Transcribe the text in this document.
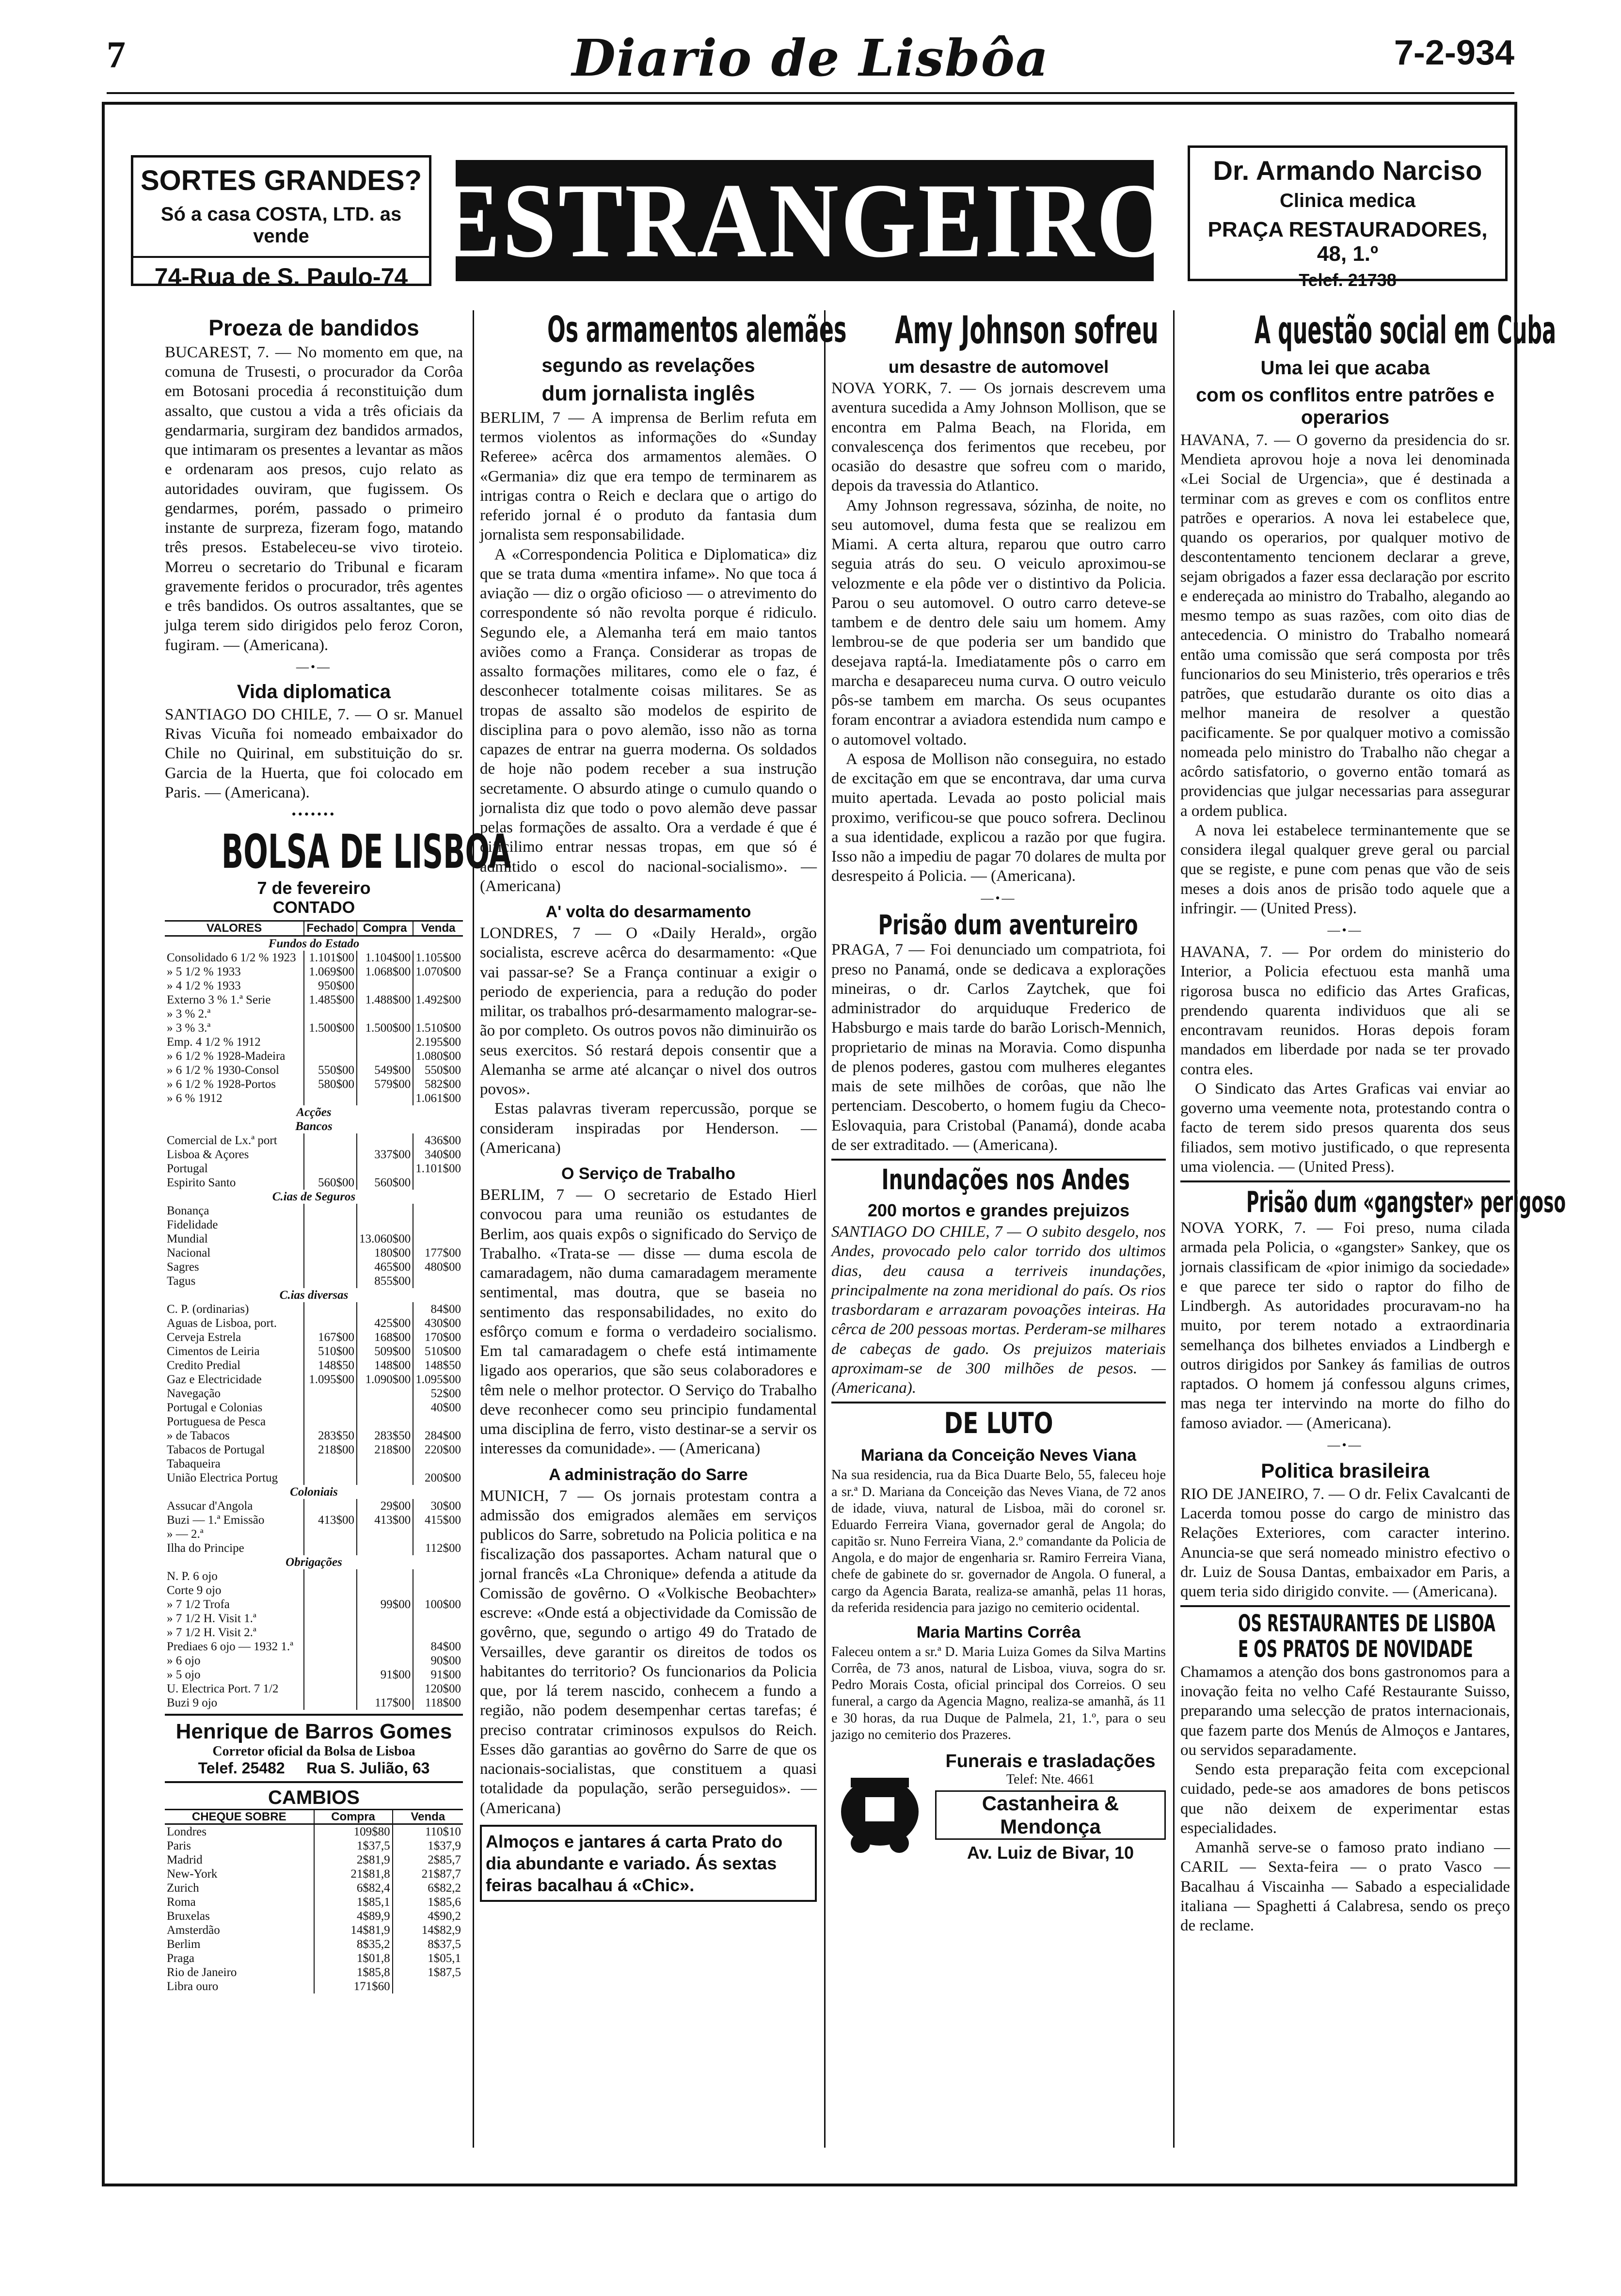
7	Diario de Lisbôa	7-2-934
SORTES GRANDES?
Só a casa COSTA, LTD. as vende
74-Rua de S. Paulo-74 ESTRANGEIRO	Dr. Armando Narciso
Clinica medica
PRAÇA RESTAURADORES, 48, 1.º
Telef. 21738
Proeza de bandidos

BUCAREST, 7. — No momento em que, na comuna de Trusesti, o procurador da Corôa em Botosani procedia á reconstituição dum assalto, que custou a vida a três oficiais da gendarmaria, surgiram dez bandidos armados, que intimaram os presentes a levantar as mãos e ordenaram aos presos, cujo relato as autoridades ouviram, que fugissem. Os gendarmes, porém, passado o primeiro instante de surpreza, fizeram fogo, matando três presos. Estabeleceu-se vivo tiroteio. Morreu o secretario do Tribunal e ficaram gravemente feridos o procurador, três agentes e três bandidos. Os outros assaltantes, que se julga terem sido dirigidos pelo feroz Coron, fugiram. — (Americana).

—•—
Vida diplomatica

SANTIAGO DO CHILE, 7. — O sr. Manuel Rivas Vicuña foi nomeado embaixador do Chile no Quirinal, em substituição do sr. Garcia de la Huerta, que foi colocado em Paris. — (Americana).

•••••••
BOLSA DE LISBOA
7 de fevereiro
CONTADO
VALORES	Fechado	Compra	Venda
Fundos do Estado			
Consolidado 6 1/2 % 1923	1.101$00	1.104$00	1.105$00
» 5 1/2 % 1933	1.069$00	1.068$00	1.070$00
» 4 1/2 % 1933	950$00		
Externo 3 % 1.ª Serie	1.485$00	1.488$00	1.492$00
» 3 % 2.ª			
» 3 % 3.ª	1.500$00	1.500$00	1.510$00
Emp. 4 1/2 % 1912			2.195$00
» 6 1/2 % 1928-Madeira			1.080$00
» 6 1/2 % 1930-Consol	550$00	549$00	550$00
» 6 1/2 % 1928-Portos	580$00	579$00	582$00
» 6 % 1912			1.061$00
Acções			
Bancos			
Comercial de Lx.ª port			436$00
Lisboa & Açores		337$00	340$00
Portugal			1.101$00
Espirito Santo	560$00	560$00	
C.ias de Seguros			
Bonança			
Fidelidade			
Mundial		13.060$00	
Nacional		180$00	177$00
Sagres		465$00	480$00
Tagus		855$00	
C.ias diversas			
C. P. (ordinarias)			84$00
Aguas de Lisboa, port.		425$00	430$00
Cerveja Estrela	167$00	168$00	170$00
Cimentos de Leiria	510$00	509$00	510$00
Credito Predial	148$50	148$00	148$50
Gaz e Electricidade	1.095$00	1.090$00	1.095$00
Navegação			52$00
Portugal e Colonias			40$00
Portuguesa de Pesca			
» de Tabacos	283$50	283$50	284$00
Tabacos de Portugal	218$00	218$00	220$00
Tabaqueira			
União Electrica Portug			200$00
Coloniais			
Assucar d'Angola		29$00	30$00
Buzi — 1.ª Emissão	413$00	413$00	415$00
» — 2.ª			
Ilha do Principe			112$00
Obrigações			
N. P. 6 ojo			
Corte 9 ojo			
» 7 1/2 Trofa		99$00	100$00
» 7 1/2 H. Visit 1.ª			
» 7 1/2 H. Visit 2.ª			
Prediaes 6 ojo — 1932 1.ª			84$00
» 6 ojo			90$00
» 5 ojo		91$00	91$00
U. Electrica Port. 7 1/2			120$00
Buzi 9 ojo		117$00	118$00
Henrique de Barros Gomes
Corretor oficial da Bolsa de Lisboa
Telef. 25482     Rua S. Julião, 63
CAMBIOS
CHEQUE SOBRE	Compra	Venda
Londres	109$80	110$10
Paris	1$37,5	1$37,9
Madrid	2$81,9	2$85,7
New-York	21$81,8	21$87,7
Zurich	6$82,4	6$82,2
Roma	1$85,1	1$85,6
Bruxelas	4$89,9	4$90,2
Amsterdão	14$81,9	14$82,9
Berlim	8$35,2	8$37,5
Praga	1$01,8	1$05,1
Rio de Janeiro	1$85,8	1$87,5
Libra ouro	171$60	
Os armamentos alemães
segundo as revelações
dum jornalista inglês

BERLIM, 7 — A imprensa de Berlim refuta em termos violentos as informações do «Sunday Referee» acêrca dos armamentos alemães. O «Germania» diz que era tempo de terminarem as intrigas contra o Reich e declara que o artigo do referido jornal é o produto da fantasia dum jornalista sem responsabilidade.

A «Correspondencia Politica e Diplomatica» diz que se trata duma «mentira infame». No que toca á aviação — diz o orgão oficioso — o atrevimento do correspondente só não revolta porque é ridiculo. Segundo ele, a Alemanha terá em maio tantos aviões como a França. Considerar as tropas de assalto formações militares, como ele o faz, é desconhecer totalmente coisas militares. Se as tropas de assalto são modelos de espirito de disciplina para o povo alemão, isso não as torna capazes de entrar na guerra moderna. Os soldados de hoje não podem receber a sua instrução secretamente. O absurdo atinge o cumulo quando o jornalista diz que todo o povo alemão deve passar pelas formações de assalto. Ora a verdade é que é dificilimo entrar nessas tropas, em que só é admitido o escol do nacional-socialismo». — (Americana)

A' volta do desarmamento

LONDRES, 7 — O «Daily Herald», orgão socialista, escreve acêrca do desarmamento: «Que vai passar-se? Se a França continuar a exigir o periodo de experiencia, para a redução do poder militar, os trabalhos pró-desarmamento malograr-se-ão por completo. Os outros povos não diminuirão os seus exercitos. Só restará depois consentir que a Alemanha se arme até alcançar o nivel dos outros povos».

Estas palavras tiveram repercussão, porque se consideram inspiradas por Henderson. — (Americana)

O Serviço de Trabalho

BERLIM, 7 — O secretario de Estado Hierl convocou para uma reunião os estudantes de Berlim, aos quais expôs o significado do Serviço de Trabalho. «Trata-se — disse — duma escola de camaradagem, não duma camaradagem meramente sentimental, mas doutra, que se baseia no sentimento das responsabilidades, no exito do esfôrço comum e forma o verdadeiro socialismo. Em tal camaradagem o chefe está intimamente ligado aos operarios, que são seus colaboradores e têm nele o melhor protector. O Serviço do Trabalho deve reconhecer como seu principio fundamental uma disciplina de ferro, visto destinar-se a servir os interesses da comunidade». — (Americana)

A administração do Sarre

MUNICH, 7 — Os jornais protestam contra a admissão dos emigrados alemães em serviços publicos do Sarre, sobretudo na Policia politica e na fiscalização dos passaportes. Acham natural que o jornal francês «La Chronique» defenda a atitude da Comissão de govêrno. O «Volkische Beobachter» escreve: «Onde está a objectividade da Comissão de govêrno, que, segundo o artigo 49 do Tratado de Versailles, deve garantir os direitos de todos os habitantes do territorio? Os funcionarios da Policia que, por lá terem nascido, conhecem a fundo a região, não podem desempenhar certas tarefas; é preciso contratar criminosos expulsos do Reich. Esses dão garantias ao govêrno do Sarre de que os nacionais-socialistas, que constituem a quasi totalidade da população, serão perseguidos». — (Americana)

Almoços e jantares á carta Prato do dia abundante e variado. Ás sextas feiras bacalhau á «Chic».
Amy Johnson sofreu
um desastre de automovel

NOVA YORK, 7. — Os jornais descrevem uma aventura sucedida a Amy Johnson Mollison, que se encontra em Palma Beach, na Florida, em convalescença dos ferimentos que recebeu, por ocasião do desastre que sofreu com o marido, depois da travessia do Atlantico.

Amy Johnson regressava, sózinha, de noite, no seu automovel, duma festa que se realizou em Miami. A certa altura, reparou que outro carro seguia atrás do seu. O veiculo aproximou-se velozmente e ela pôde ver o distintivo da Policia. Parou o seu automovel. O outro carro deteve-se tambem e de dentro dele saiu um homem. Amy lembrou-se de que poderia ser um bandido que desejava raptá-la. Imediatamente pôs o carro em marcha e desapareceu numa curva. O outro veiculo pôs-se tambem em marcha. Os seus ocupantes foram encontrar a aviadora estendida num campo e o automovel voltado.

A esposa de Mollison não conseguira, no estado de excitação em que se encontrava, dar uma curva muito apertada. Levada ao posto policial mais proximo, verificou-se que pouco sofrera. Declinou a sua identidade, explicou a razão por que fugira. Isso não a impediu de pagar 70 dolares de multa por desrespeito á Policia. — (Americana).

—•—
Prisão dum aventureiro

PRAGA, 7 — Foi denunciado um compatriota, foi preso no Panamá, onde se dedicava a explorações mineiras, o dr. Carlos Zaytchek, que foi administrador do arquiduque Frederico de Habsburgo e mais tarde do barão Lorisch-Mennich, proprietario de minas na Moravia. Como dispunha de plenos poderes, gastou com mulheres elegantes mais de sete milhões de corôas, que não lhe pertenciam. Descoberto, o homem fugiu da Checo-Eslovaquia, para Cristobal (Panamá), donde acaba de ser extraditado. — (Americana).

Inundações nos Andes
200 mortos e grandes prejuizos

SANTIAGO DO CHILE, 7 — O subito desgelo, nos Andes, provocado pelo calor torrido dos ultimos dias, deu causa a terriveis inundações, principalmente na zona meridional do país. Os rios trasbordaram e arrazaram povoações inteiras. Ha cêrca de 200 pessoas mortas. Perderam-se milhares de cabeças de gado. Os prejuizos materiais aproximam-se de 300 milhões de pesos. — (Americana).

DE LUTO
Mariana da Conceição Neves Viana

Na sua residencia, rua da Bica Duarte Belo, 55, faleceu hoje a sr.ª D. Mariana da Conceição das Neves Viana, de 72 anos de idade, viuva, natural de Lisboa, mãi do coronel sr. Eduardo Ferreira Viana, governador geral de Angola; do capitão sr. Nuno Ferreira Viana, 2.º comandante da Policia de Angola, e do major de engenharia sr. Ramiro Ferreira Viana, chefe de gabinete do sr. governador de Angola. O funeral, a cargo da Agencia Barata, realiza-se amanhã, pelas 11 horas, da referida residencia para jazigo no cemiterio ocidental.

Maria Martins Corrêa

Faleceu ontem a sr.ª D. Maria Luiza Gomes da Silva Martins Corrêa, de 73 anos, natural de Lisboa, viuva, sogra do sr. Pedro Morais Costa, oficial principal dos Correios. O seu funeral, a cargo da Agencia Magno, realiza-se amanhã, ás 11 e 30 horas, da rua Duque de Palmela, 21, 1.º, para o seu jazigo no cemiterio dos Prazeres.

Funerais e trasladações
Telef: Nte. 4661
Castanheira & Mendonça
Av. Luiz de Bivar, 10
A questão social em Cuba
Uma lei que acaba
com os conflitos entre patrões e operarios

HAVANA, 7. — O governo da presidencia do sr. Mendieta aprovou hoje a nova lei denominada «Lei Social de Urgencia», que é destinada a terminar com as greves e com os conflitos entre patrões e operarios. A nova lei estabelece que, quando os operarios, por qualquer motivo de descontentamento tencionem declarar a greve, sejam obrigados a fazer essa declaração por escrito e endereçada ao ministro do Trabalho, alegando ao mesmo tempo as suas razões, com oito dias de antecedencia. O ministro do Trabalho nomeará então uma comissão que será composta por três funcionarios do seu Ministerio, três operarios e três patrões, que estudarão durante os oito dias a melhor maneira de resolver a questão pacificamente. Se por qualquer motivo a comissão nomeada pelo ministro do Trabalho não chegar a acôrdo satisfatorio, o governo então tomará as providencias que julgar necessarias para assegurar a ordem publica.

A nova lei estabelece terminantemente que se considera ilegal qualquer greve geral ou parcial que se registe, e pune com penas que vão de seis meses a dois anos de prisão todo aquele que a infringir. — (United Press).

—•—

HAVANA, 7. — Por ordem do ministerio do Interior, a Policia efectuou esta manhã uma rigorosa busca no edificio das Artes Graficas, prendendo quarenta individuos que ali se encontravam reunidos. Horas depois foram mandados em liberdade por nada se ter provado contra eles.

O Sindicato das Artes Graficas vai enviar ao governo uma veemente nota, protestando contra o facto de terem sido presos quarenta dos seus filiados, sem motivo justificado, o que representa uma violencia. — (United Press).

Prisão dum «gangster» perigoso

NOVA YORK, 7. — Foi preso, numa cilada armada pela Policia, o «gangster» Sankey, que os jornais classificam de «pior inimigo da sociedade» e que parece ter sido o raptor do filho de Lindbergh. As autoridades procuravam-no ha muito, por terem notado a extraordinaria semelhança dos bilhetes enviados a Lindbergh e outros dirigidos por Sankey ás familias de outros raptados. O homem já confessou alguns crimes, mas nega ter intervindo na morte do filho do famoso aviador. — (Americana).

—•—
Politica brasileira

RIO DE JANEIRO, 7. — O dr. Felix Cavalcanti de Lacerda tomou posse do cargo de ministro das Relações Exteriores, com caracter interino. Anuncia-se que será nomeado ministro efectivo o dr. Luiz de Sousa Dantas, embaixador em Paris, a quem teria sido dirigido convite. — (Americana).

OS RESTAURANTES DE LISBOA
E OS PRATOS DE NOVIDADE

Chamamos a atenção dos bons gastronomos para a inovação feita no velho Café Restaurante Suisso, preparando uma selecção de pratos internacionais, que fazem parte dos Menús de Almoços e Jantares, ou servidos separadamente.

Sendo esta preparação feita com excepcional cuidado, pede-se aos amadores de bons petiscos que não deixem de experimentar estas especialidades.

Amanhã serve-se o famoso prato indiano — CARIL — Sexta-feira — o prato Vasco — Bacalhau á Viscainha — Sabado a especialidade italiana — Spaghetti á Calabresa, sendo os preço de reclame.
